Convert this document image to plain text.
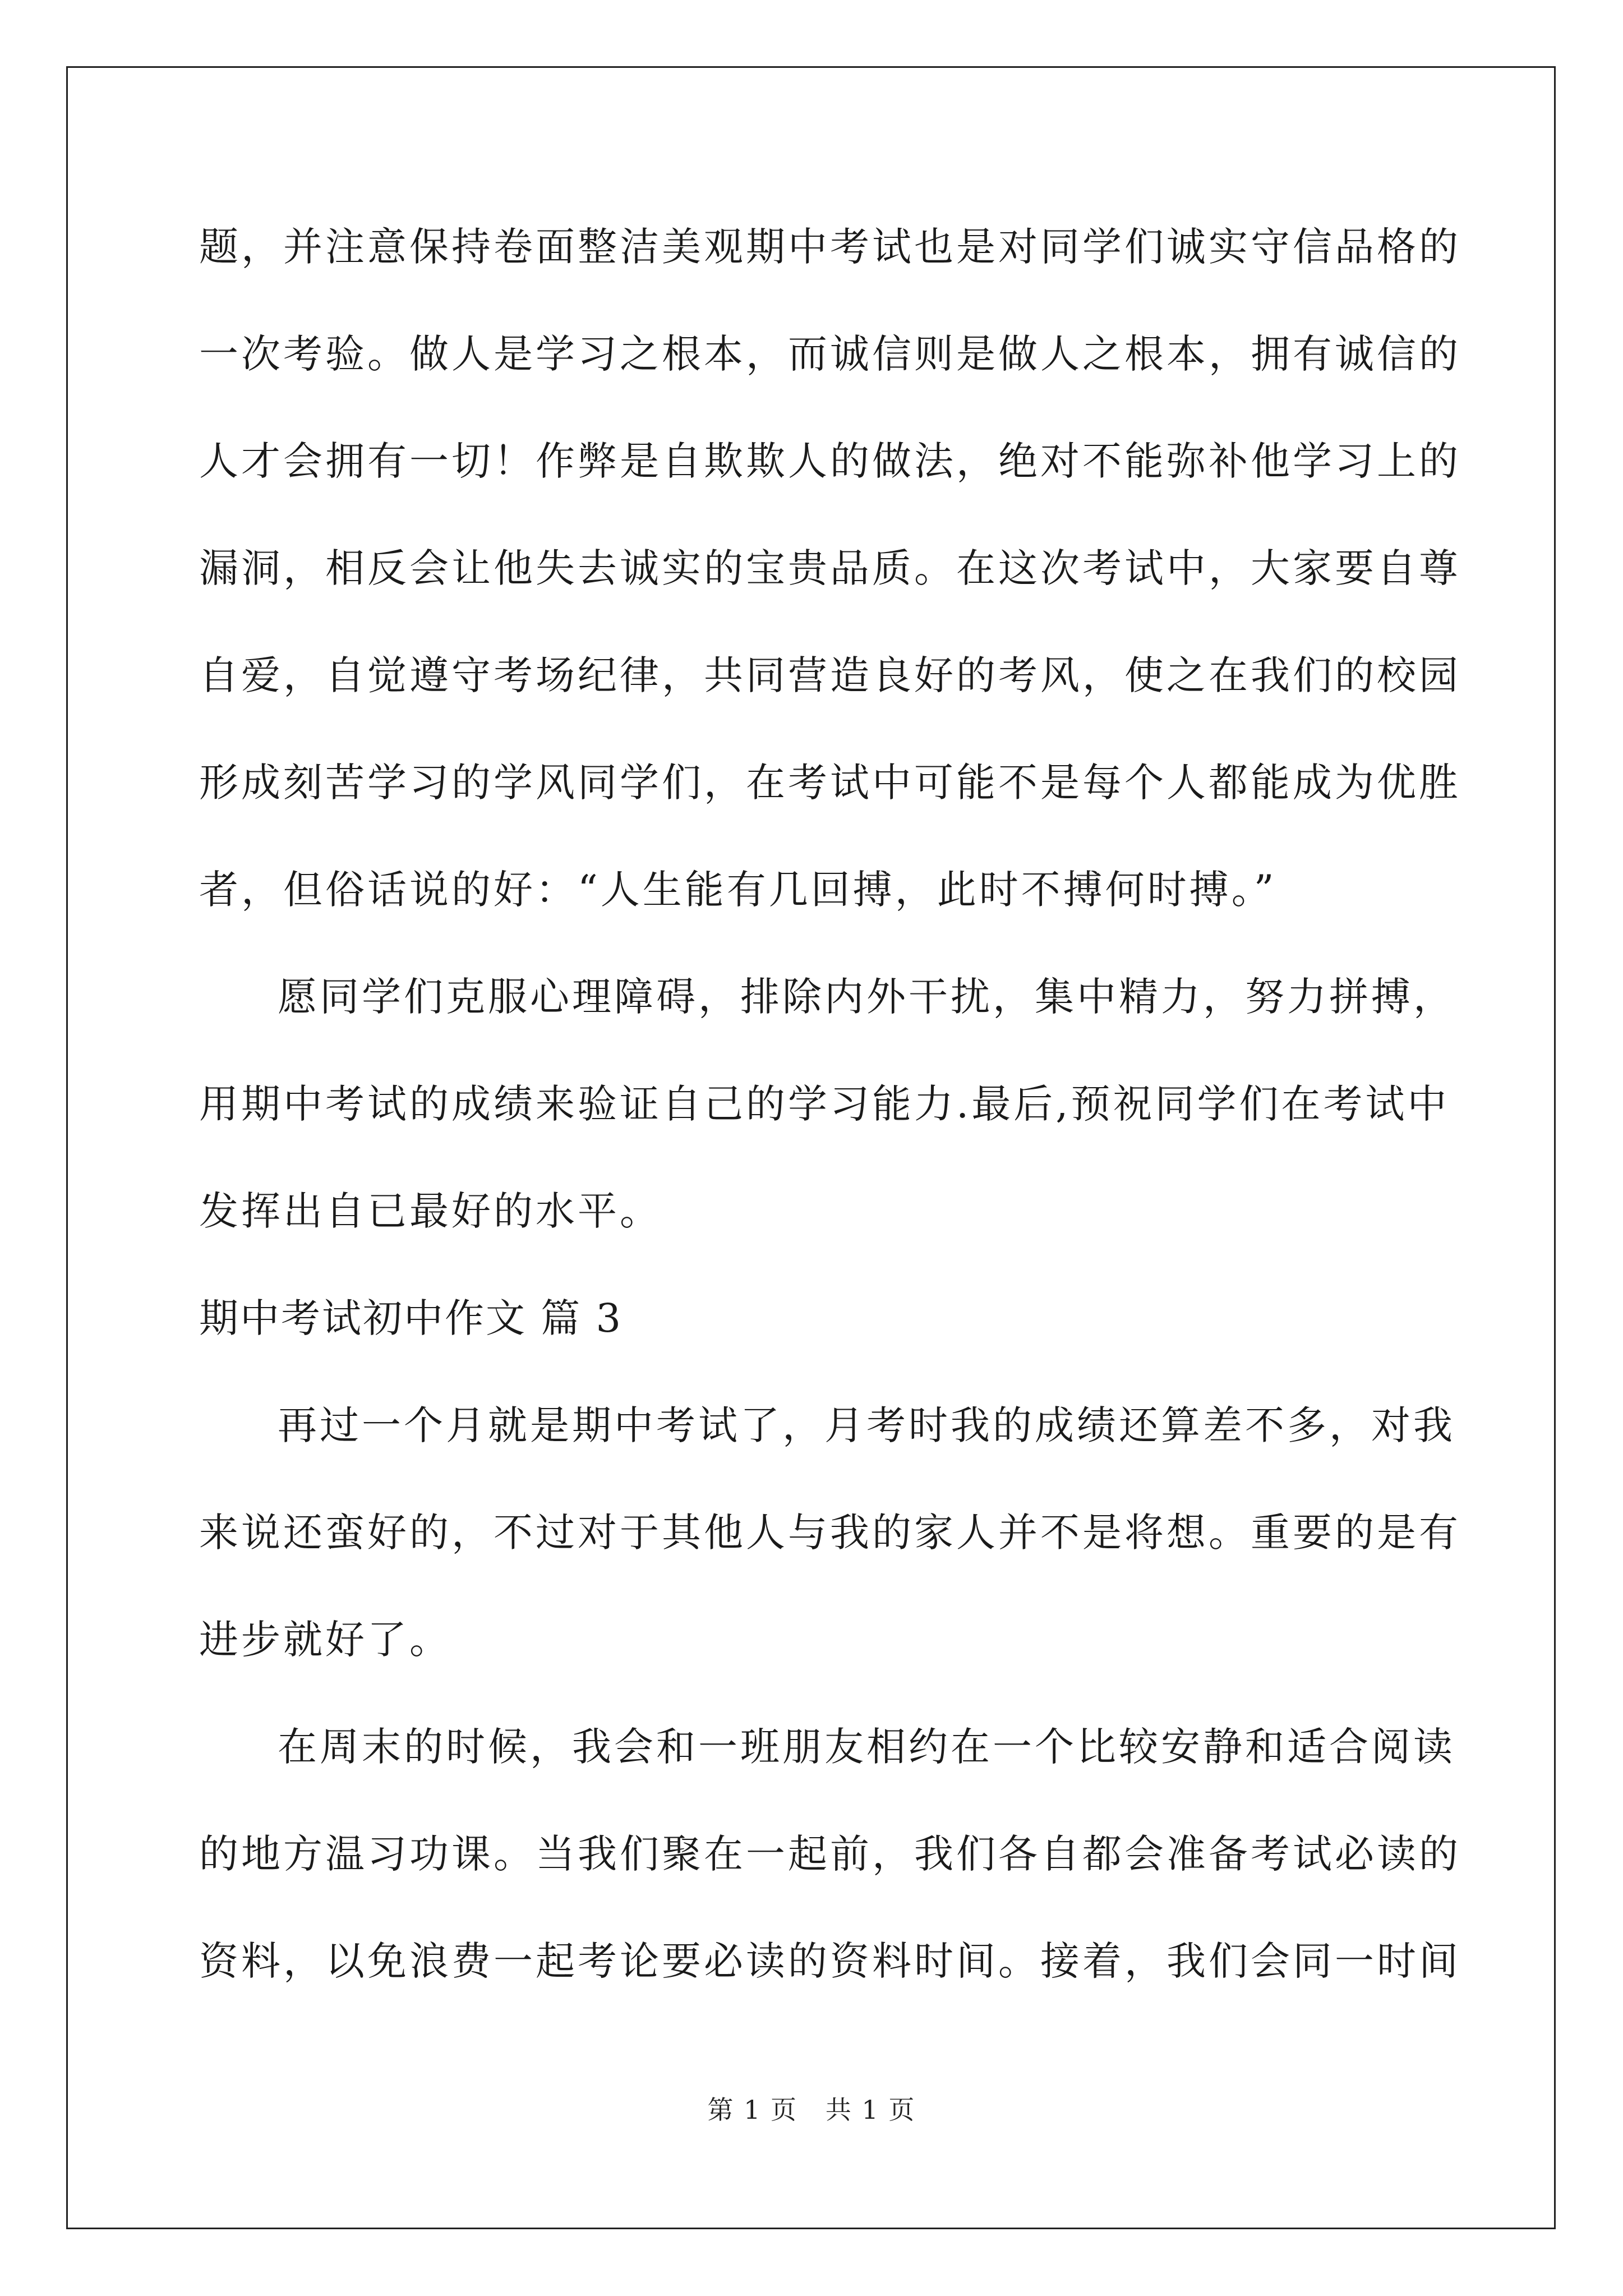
题，并注意保持卷面整洁美观期中考试也是对同学们诚实守信品格的
一次考验。做人是学习之根本，而诚信则是做人之根本，拥有诚信的
人才会拥有一切！作弊是自欺欺人的做法，绝对不能弥补他学习上的
漏洞，相反会让他失去诚实的宝贵品质。在这次考试中，大家要自尊
自爱，自觉遵守考场纪律，共同营造良好的考风，使之在我们的校园
形成刻苦学习的学风同学们，在考试中可能不是每个人都能成为优胜
者，但俗话说的好：“人生能有几回搏，此时不搏何时搏。”
愿同学们克服心理障碍，排除内外干扰，集中精力，努力拼搏，
用期中考试的成绩来验证自己的学习能力.最后,预祝同学们在考试中
发挥出自已最好的水平。
期中考试初中作文 篇 3
再过一个月就是期中考试了，月考时我的成绩还算差不多，对我
来说还蛮好的，不过对于其他人与我的家人并不是将想。重要的是有
进步就好了。
在周末的时候，我会和一班朋友相约在一个比较安静和适合阅读
的地方温习功课。当我们聚在一起前，我们各自都会准备考试必读的
资料，以免浪费一起考论要必读的资料时间。接着，我们会同一时间
第 1 页   共 1 页
